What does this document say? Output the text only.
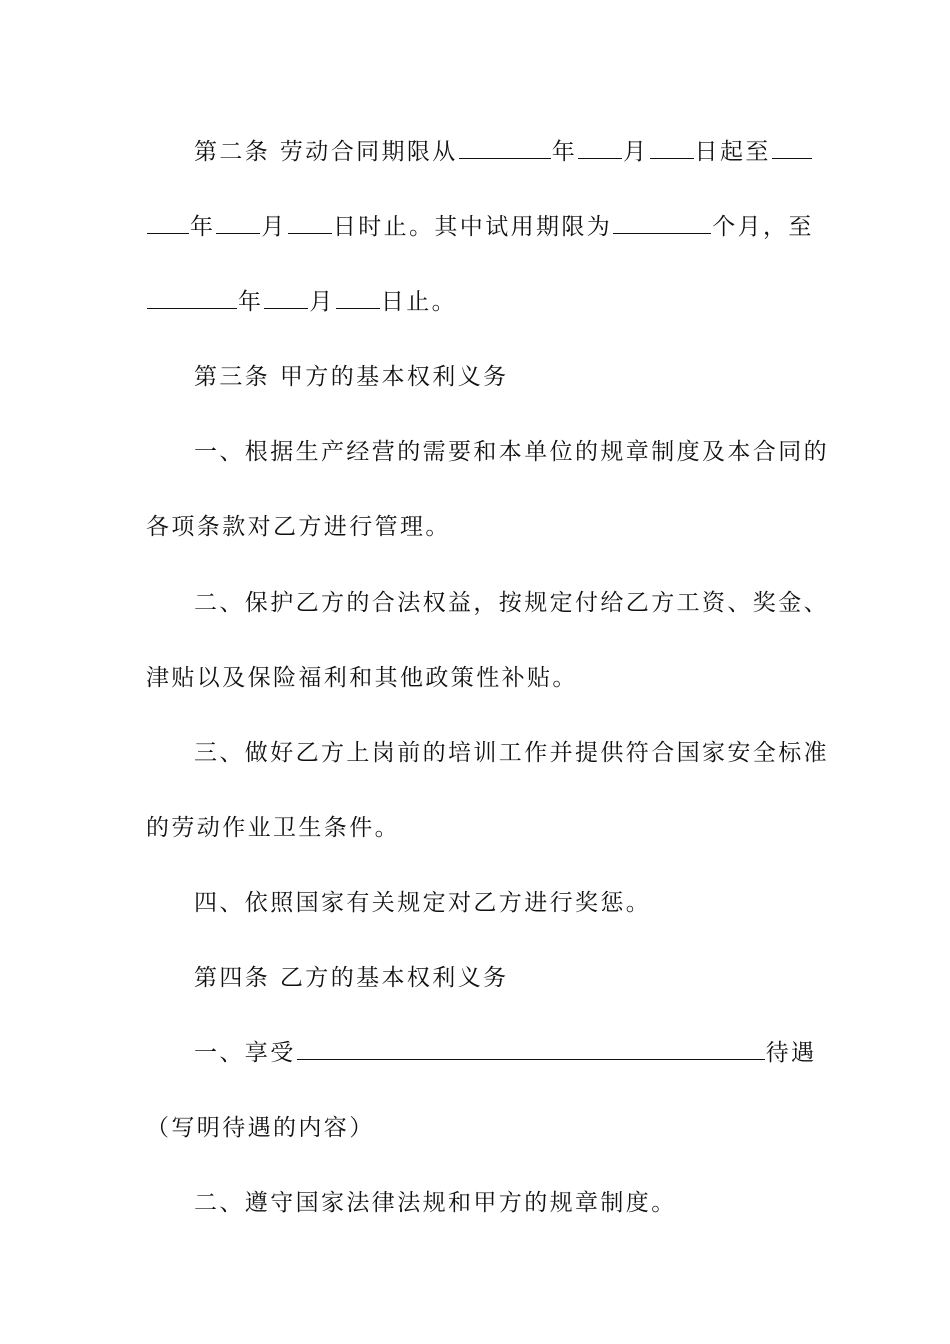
第二条 劳动合同期限从	年 月 日起至
年 月 日时止。其中试用期限为	个月，至
年 月 日止。
第三条 甲方的基本权利义务
一、根据生产经营的需要和本单位的规章制度及本合同的
各项条款对乙方进行管理。
二、保护乙方的合法权益，按规定付给乙方工资、奖金、
津贴以及保险福利和其他政策性补贴。
三、做好乙方上岗前的培训工作并提供符合国家安全标准
的劳动作业卫生条件。
四、依照国家有关规定对乙方进行奖惩。
第四条 乙方的基本权利义务
一、享受	待遇
（写明待遇的内容）
二、遵守国家法律法规和甲方的规章制度。
